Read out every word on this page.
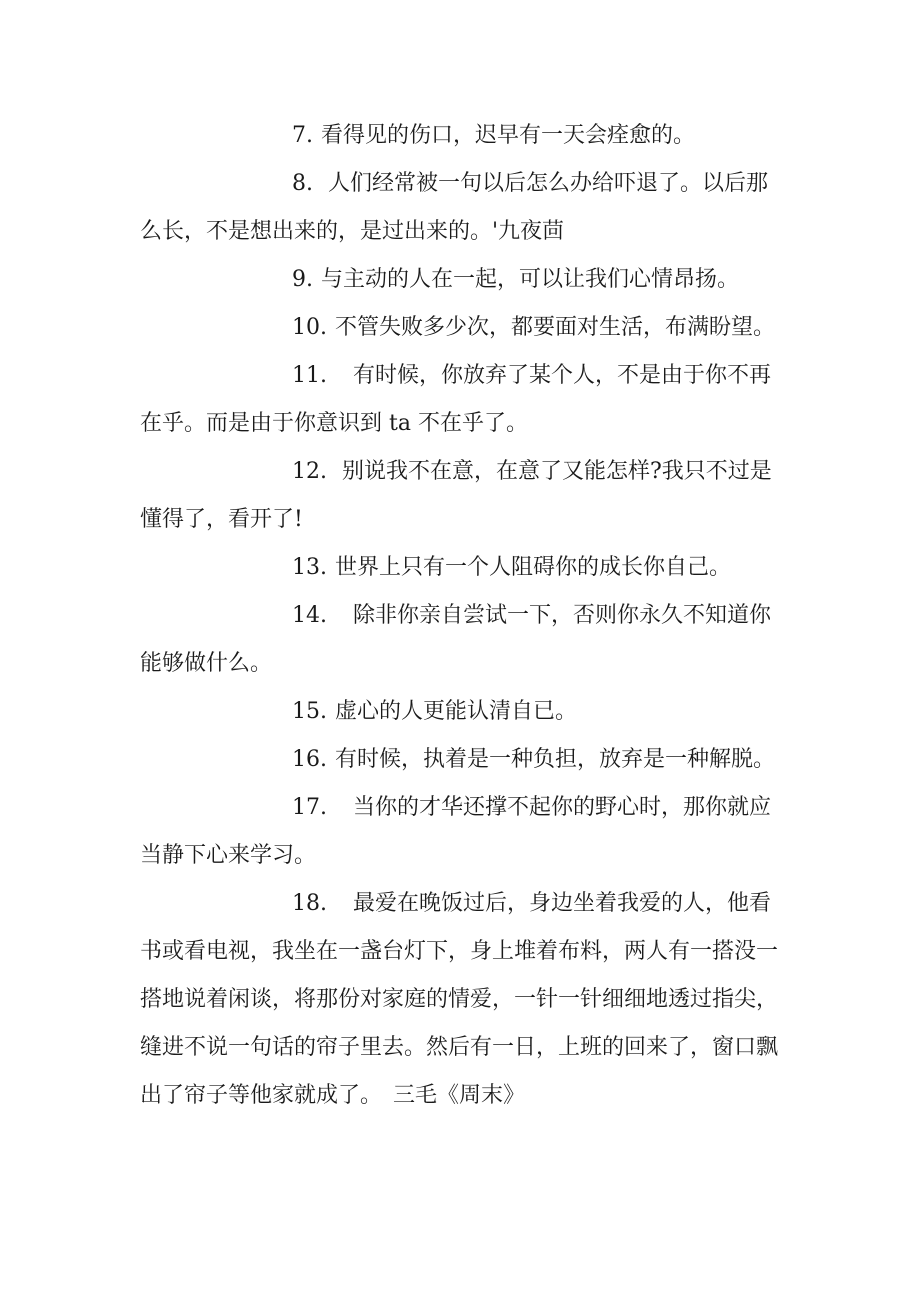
7. 看得见的伤口，迟早有一天会痊愈的。

8. 人们经常被一句以后怎么办给吓退了。以后那么长，不是想出来的，是过出来的。'九夜茴

9. 与主动的人在一起，可以让我们心情昂扬。

10. 不管失败多少次，都要面对生活，布满盼望。

11. 有时候，你放弃了某个人，不是由于你不再在乎。而是由于你意识到 ta 不在乎了。

12. 别说我不在意，在意了又能怎样?我只不过是懂得了，看开了!

13. 世界上只有一个人阻碍你的成长你自己。

14. 除非你亲自尝试一下，否则你永久不知道你能够做什么。

15. 虚心的人更能认清自已。

16. 有时候，执着是一种负担，放弃是一种解脱。

17. 当你的才华还撑不起你的野心时，那你就应当静下心来学习。

18. 最爱在晚饭过后，身边坐着我爱的人，他看书或看电视，我坐在一盏台灯下，身上堆着布料，两人有一搭没一搭地说着闲谈，将那份对家庭的情爱，一针一针细细地透过指尖，缝进不说一句话的帘子里去。然后有一日，上班的回来了，窗口飘出了帘子等他家就成了。　三毛《周末》
